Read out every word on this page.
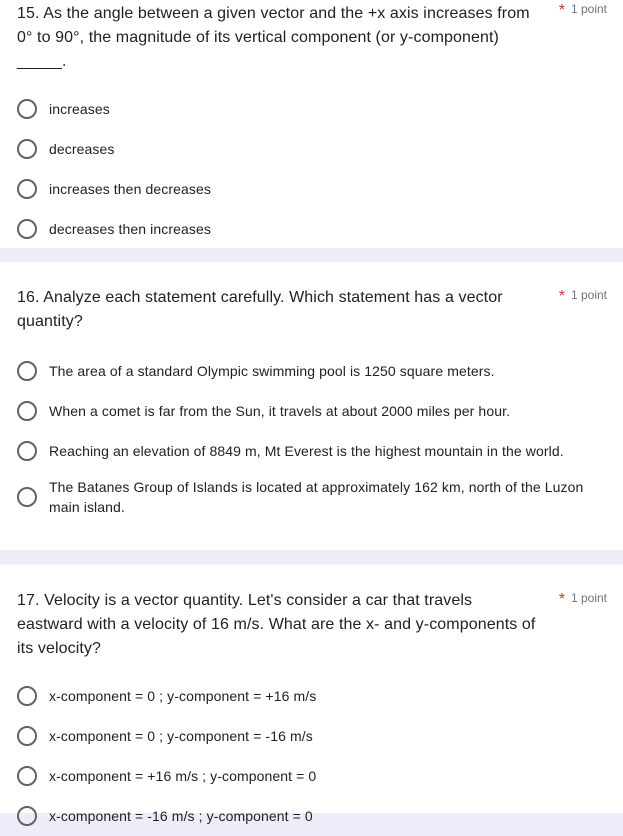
15. As the angle between a given vector and the +x axis increases from 0° to 90°, the magnitude of its vertical component (or y-component) _____.
* 1 point
increases
decreases
increases then decreases
decreases then increases
16. Analyze each statement carefully. Which statement has a vector quantity?
* 1 point
The area of a standard Olympic swimming pool is 1250 square meters.
When a comet is far from the Sun, it travels at about 2000 miles per hour.
Reaching an elevation of 8849 m, Mt Everest is the highest mountain in the world.
The Batanes Group of Islands is located at approximately 162 km, north of the Luzon main island.
17. Velocity is a vector quantity. Let's consider a car that travels eastward with a velocity of 16 m/s. What are the x- and y-components of its velocity?
* 1 point
x-component = 0 ; y-component = +16 m/s
x-component = 0 ; y-component = -16 m/s
x-component = +16 m/s ; y-component = 0
x-component = -16 m/s ; y-component = 0
